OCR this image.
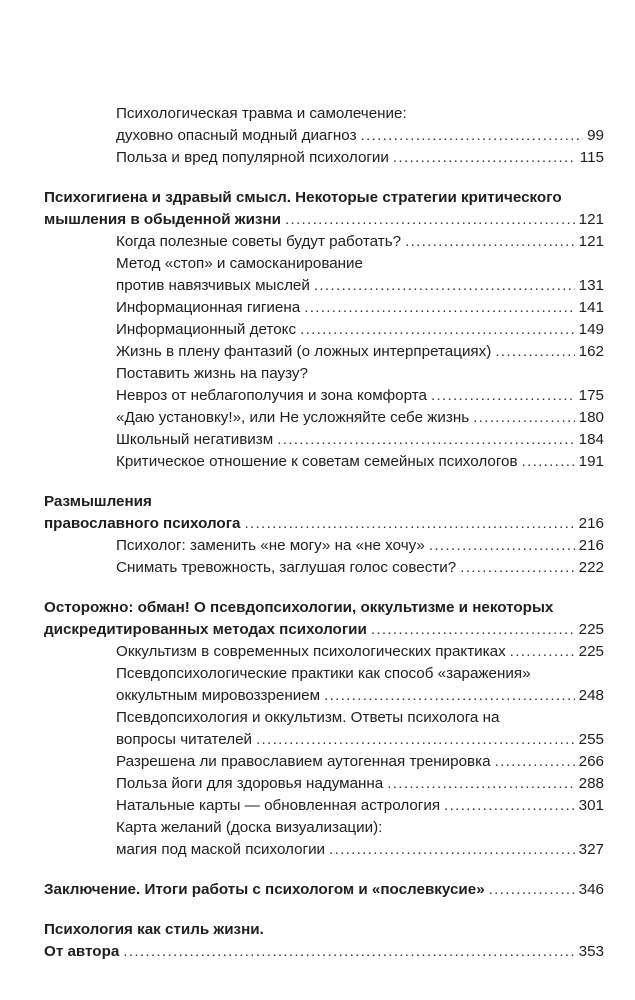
Психологическая травма и самолечение:
духовно опасный модный диагноз .....	99
Польза и вред популярной психологии .....	115
Психогигиена и здравый смысл. Некоторые стратегии критического
мышления в обыденной жизни .....	121
Когда полезные советы будут работать? .....	121
Метод «стоп» и самосканирование
против навязчивых мыслей .....	131
Информационная гигиена .....	141
Информационный детокс .....	149
Жизнь в плену фантазий (о ложных интерпретациях) .....	162
Поставить жизнь на паузу?
Невроз от неблагополучия и зона комфорта .....	175
«Даю установку!», или Не усложняйте себе жизнь .....	180
Школьный негативизм .....	184
Критическое отношение к советам семейных психологов .....	191
Размышления
православного психолога .....	216
Психолог: заменить «не могу» на «не хочу» .....	216
Снимать тревожность, заглушая голос совести? .....	222
Осторожно: обман! О псевдопсихологии, оккультизме и некоторых
дискредитированных методах психологии .....	225
Оккультизм в современных психологических практиках .....	225
Псевдопсихологические практики как способ «заражения»
оккультным мировоззрением .....	248
Псевдопсихология и оккультизм. Ответы психолога на
вопросы читателей .....	255
Разрешена ли православием аутогенная тренировка .....	266
Польза йоги для здоровья надуманна .....	288
Натальные карты — обновленная астрология .....	301
Карта желаний (доска визуализации):
магия под маской психологии .....	327
Заключение. Итоги работы с психологом и «послевкусие» .....	346
Психология как стиль жизни.
От автора .....	353
